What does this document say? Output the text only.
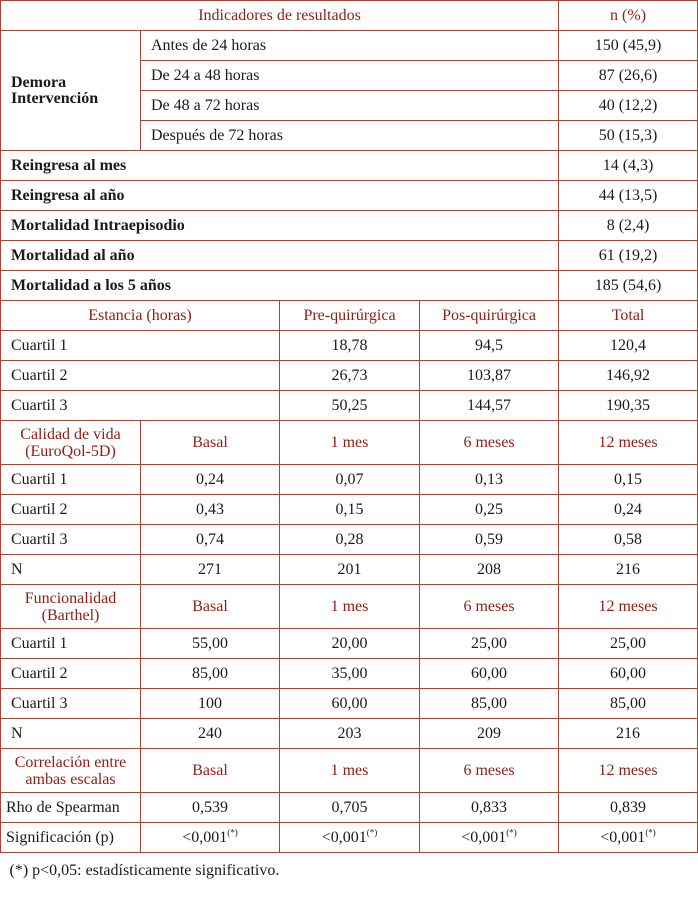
Indicadores de resultados				n (%)
Demora Intervención	Antes de 24 horas			150 (45,9)
	De 24 a 48 horas			87 (26,6)
	De 48 a 72 horas			40 (12,2)
	Después de 72 horas			50 (15,3)
Reingresa al mes				14 (4,3)
Reingresa al año				44 (13,5)
Mortalidad Intraepisodio				8 (2,4)
Mortalidad al año				61 (19,2)
Mortalidad a los 5 años				185 (54,6)
Estancia (horas)		Pre-quirúrgica	Pos-quirúrgica	Total
Cuartil 1		18,78	94,5	120,4
Cuartil 2		26,73	103,87	146,92
Cuartil 3		50,25	144,57	190,35
Calidad de vida (EuroQol-5D)	Basal	1 mes	6 meses	12 meses
Cuartil 1	0,24	0,07	0,13	0,15
Cuartil 2	0,43	0,15	0,25	0,24
Cuartil 3	0,74	0,28	0,59	0,58
N	271	201	208	216
Funcionalidad (Barthel)	Basal	1 mes	6 meses	12 meses
Cuartil 1	55,00	20,00	25,00	25,00
Cuartil 2	85,00	35,00	60,00	60,00
Cuartil 3	100	60,00	85,00	85,00
N	240	203	209	216
Correlación entre ambas escalas	Basal	1 mes	6 meses	12 meses
Rho de Spearman	0,539	0,705	0,833	0,839
Significación (p)	<0,001(*)	<0,001(*)	<0,001(*)	<0,001(*)
(*) p<0,05: estadísticamente significativo.				
